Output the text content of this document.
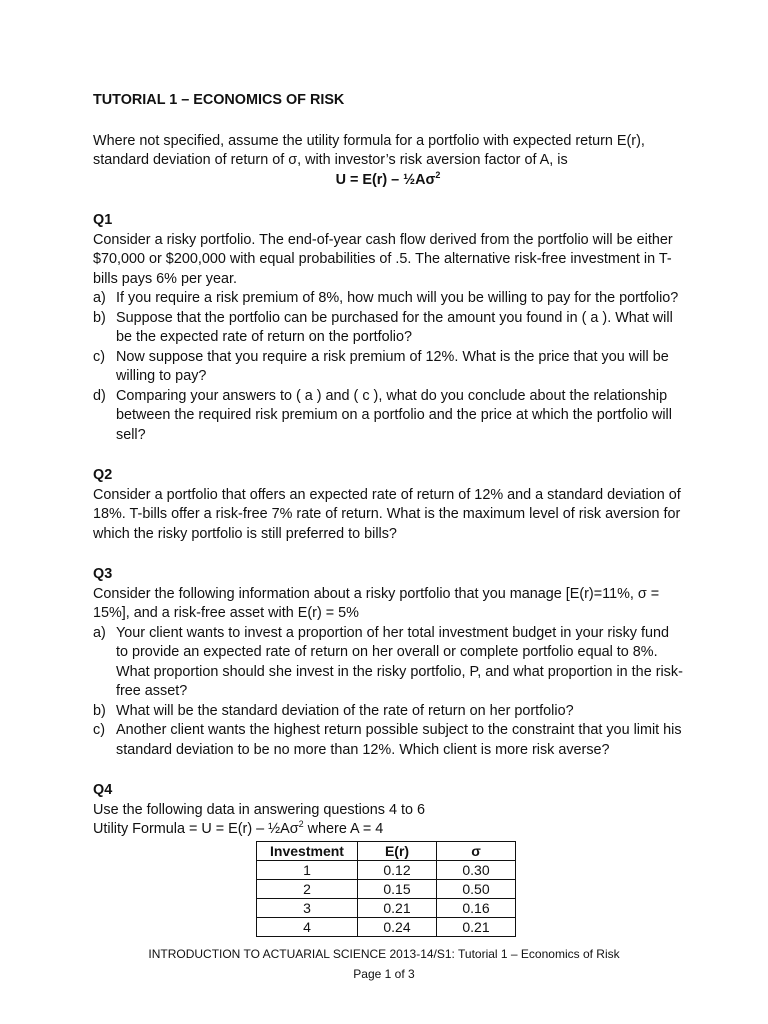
TUTORIAL 1 – ECONOMICS OF RISK

Where not specified, assume the utility formula for a portfolio with expected return E(r),

standard deviation of return of σ, with investor’s risk aversion factor of A, is

$U = E(r) - \frac{1}{2}A\sigma^2$

Q1

Consider a risky portfolio. The end-of-year cash flow derived from the portfolio will be either $70,000 or $200,000 with equal probabilities of .5. The alternative risk-free investment in T-bills pays 6% per year.

a) If you require a risk premium of 8%, how much will you be willing to pay for the portfolio?
b) Suppose that the portfolio can be purchased for the amount you found in ( a ). What will be the expected rate of return on the portfolio?
c) Now suppose that you require a risk premium of 12%. What is the price that you will be willing to pay?
d) Comparing your answers to ( a ) and ( c ), what do you conclude about the relationship between the required risk premium on a portfolio and the price at which the portfolio will sell?

Q2

Consider a portfolio that offers an expected rate of return of 12% and a standard deviation of 18%. T-bills offer a risk-free 7% rate of return. What is the maximum level of risk aversion for which the risky portfolio is still preferred to bills?

Q3

Consider the following information about a risky portfolio that you manage [E(r)=11%, σ = 15%], and a risk-free asset with E(r) = 5%

a) Your client wants to invest a proportion of her total investment budget in your risky fund to provide an expected rate of return on her overall or complete portfolio equal to 8%. What proportion should she invest in the risky portfolio, P, and what proportion in the risk-free asset?
b) What will be the standard deviation of the rate of return on her portfolio?
c) Another client wants the highest return possible subject to the constraint that you limit his standard deviation to be no more than 12%. Which client is more risk averse?

Q4

Use the following data in answering questions 4 to 6

Utility Formula = $U = E(r) - \frac{1}{2}A\sigma^2$ where A = 4

Investment	E(r)	σ
1	0.12	0.30
2	0.15	0.50
3	0.21	0.16
4	0.24	0.21
INTRODUCTION TO ACTUARIAL SCIENCE 2013-14/S1: Tutorial 1 – Economics of Risk
Page 1 of 3
